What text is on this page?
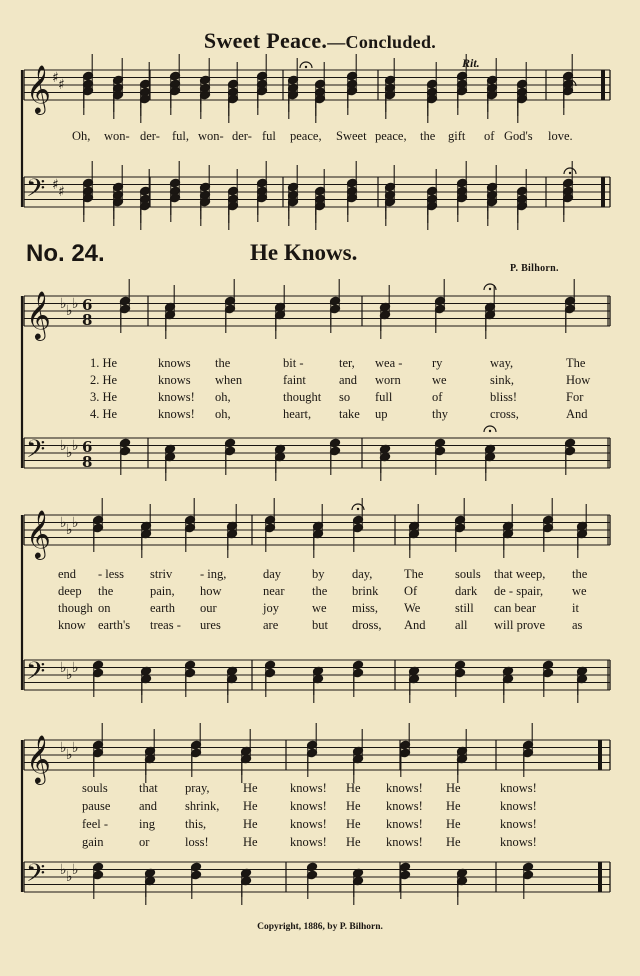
Sweet Peace.—Concluded.
Rit.
No. 24.	He Knows.
P. Bilhorn.
𝄞 ♯ ♯
𝄢 ♯ ♯
𝄞 ♭ ♭ ♭ 6
8
𝄢 ♭ ♭ ♭ 6
8
𝄞 ♭ ♭ ♭
𝄢 ♭ ♭ ♭
𝄞 ♭ ♭ ♭
𝄢 ♭ ♭ ♭
Oh, won- der- ful, won- der- ful peace, Sweet peace, the gift of God's love.
1. He	knows the	bit -	ter, wea - ry	way,	The
2. He	knows when	faint	and worn	we	sink,	How
3. He	knows! oh,	thought so full	of	bliss!	For
4. He	knows! oh,	heart, take up	thy	cross,	And
end - less striv - ing,	day by day,	The	souls that weep, the
deep the	pain, how	near the brink Of	dark de - spair, we
though on	earth our	joy	we miss, We	still can bear	it
know earth's treas - ures	are	but dross, And all will prove as
souls	that pray,	He	knows! He knows! He	knows!
pause and shrink, He	knows! He knows! He	knows!
feel - ing this,	He	knows! He knows! He	knows!
gain	or	loss!	He	knows! He knows! He	knows!
Copyright, 1886, by P. Bilhorn.
